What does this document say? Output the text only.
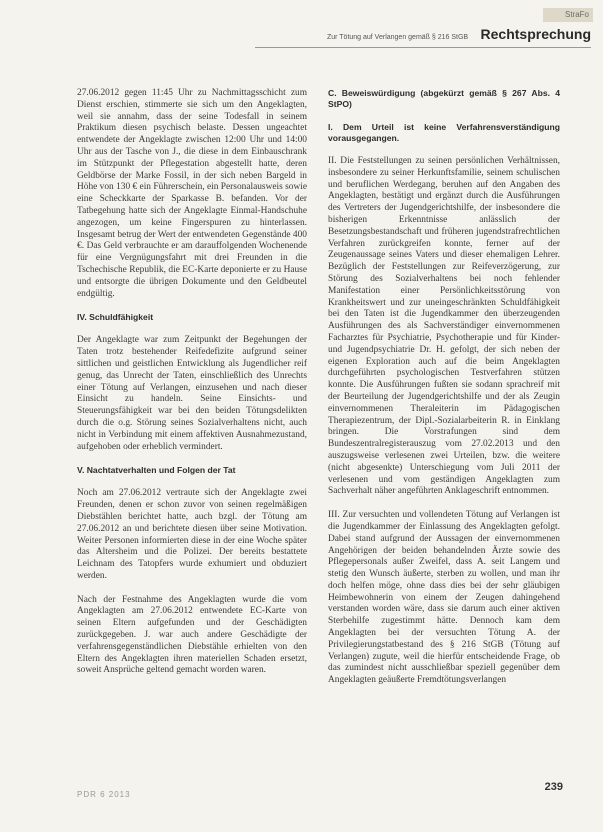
StraFo
Zur Tötung auf Verlangen gemäß § 216 StGB Rechtsprechung

27.06.2012 gegen 11:45 Uhr zu Nachmittagsschicht zum Dienst erschien, stimmerte sie sich um den Angeklagten, weil sie annahm, dass der seine Todesfall in seinem Praktikum diesen psychisch belaste. Dessen ungeachtet entwendete der Angeklagte zwischen 12:00 Uhr und 14:00 Uhr aus der Tasche von J., die diese in dem Einbauschrank im Stützpunkt der Pflegestation abgestellt hatte, deren Geldbörse der Marke Fossil, in der sich neben Bargeld in Höhe von 130 € ein Führerschein, ein Personalausweis sowie eine Scheckkarte der Sparkasse B. befanden. Vor der Tatbegehung hatte sich der Angeklagte Einmal-Handschuhe angezogen, um keine Fingerspuren zu hinterlassen. Insgesamt betrug der Wert der entwendeten Gegenstände 400 €. Das Geld verbrauchte er am darauffolgenden Wochenende für eine Vergnügungsfahrt mit drei Freunden in die Tschechische Republik, die EC-Karte deponierte er zu Hause und entsorgte die übrigen Dokumente und den Geldbeutel endgültig.

IV. Schuldfähigkeit

Der Angeklagte war zum Zeitpunkt der Begehungen der Taten trotz bestehender Reifedefizite aufgrund seiner sittlichen und geistlichen Entwicklung als Jugendlicher reif genug, das Unrecht der Taten, einschließlich des Unrechts einer Tötung auf Verlangen, einzusehen und nach dieser Einsicht zu handeln. Seine Einsichts- und Steuerungsfähigkeit war bei den beiden Tötungsdelikten durch die o.g. Störung seines Sozialverhaltens nicht, auch nicht in Verbindung mit einem affektiven Ausnahmezustand, aufgehoben oder erheblich vermindert.

V. Nachtatverhalten und Folgen der Tat

Noch am 27.06.2012 vertraute sich der Angeklagte zwei Freunden, denen er schon zuvor von seinen regelmäßigen Diebstählen berichtet hatte, auch bzgl. der Tötung am 27.06.2012 an und berichtete diesen über seine Motivation. Weiter Personen informierten diese in der eine Woche später das Altersheim und die Polizei. Der bereits bestattete Leichnam des Tatopfers wurde exhumiert und obduziert werden.

Nach der Festnahme des Angeklagten wurde die vom Angeklagten am 27.06.2012 entwendete EC-Karte von seinen Eltern aufgefunden und der Geschädigten zurückgegeben. J. war auch andere Geschädigte der verfahrensgegenständlichen Diebstähle erhielten von den Eltern des Angeklagten ihren materiellen Schaden ersetzt, soweit Ansprüche geltend gemacht worden waren.

C. Beweiswürdigung (abgekürzt gemäß § 267 Abs. 4 StPO)
I. Dem Urteil ist keine Verfahrensverständigung vorausgegangen.

II. Die Feststellungen zu seinen persönlichen Verhältnissen, insbesondere zu seiner Herkunftsfamilie, seinem schulischen und beruflichen Werdegang, beruhen auf den Angaben des Angeklagten, bestätigt und ergänzt durch die Ausführungen des Vertreters der Jugendgerichtshilfe, der insbesondere die bisherigen Erkenntnisse anlässlich der Besetzungsbestandschaft und früheren jugendstrafrechtlichen Verfahren zurückgreifen konnte, ferner auf der Zeugenaussage seines Vaters und dieser ehemaligen Lehrer. Bezüglich der Feststellungen zur Reifeverzögerung, zur Störung des Sozialverhaltens bei noch fehlender Manifestation einer Persönlichkeitsstörung von Krankheitswert und zur uneingeschränkten Schuldfähigkeit bei den Taten ist die Jugendkammer den überzeugenden Ausführungen des als Sachverständiger einvernommenen Facharztes für Psychiatrie, Psychotherapie und für Kinder- und Jugendpsychiatrie Dr. H. gefolgt, der sich neben der eigenen Exploration auch auf die beim Angeklagten durchgeführten psychologischen Testverfahren stützen konnte. Die Ausführungen fußten sie sodann sprachreif mit der Beurteilung der Jugendgerichtshilfe und der als Zeugin einvernommenen Theraleiterin im Pädagogischen Therapiezentrum, der Dipl.-Sozialarbeiterin R. in Einklang bringen. Die Vorstrafungen sind dem Bundeszentralregisterauszug vom 27.02.2013 und den auszugsweise verlesenen zwei Urteilen, bzw. die weitere (nicht abgesenkte) Unterschiegung vom Juli 2011 der verlesenen und vom geständigen Angeklagten zum Sachverhalt näher angeführten Anklageschrift entnommen.

III. Zur versuchten und vollendeten Tötung auf Verlangen ist die Jugendkammer der Einlassung des Angeklagten gefolgt. Dabei stand aufgrund der Aussagen der einvernommenen Angehörigen der beiden behandelnden Ärzte sowie des Pflegepersonals außer Zweifel, dass A. seit Langem und stetig den Wunsch äußerte, sterben zu wollen, und man ihr doch helfen möge, ohne dass dies bei der sehr gläubigen Heimbewohnerin von einem der Zeugen dahingehend verstanden worden wäre, dass sie darum auch einer aktiven Sterbehilfe zugestimmt hätte. Dennoch kam dem Angeklagten bei der versuchten Tötung A. der Privilegierungstatbestand des § 216 StGB (Tötung auf Verlangen) zugute, weil die hierfür entscheidende Frage, ob das zumindest nicht ausschließbar speziell gegenüber dem Angeklagten geäußerte Fremdtötungsverlangen

PDR 6 2013
239
